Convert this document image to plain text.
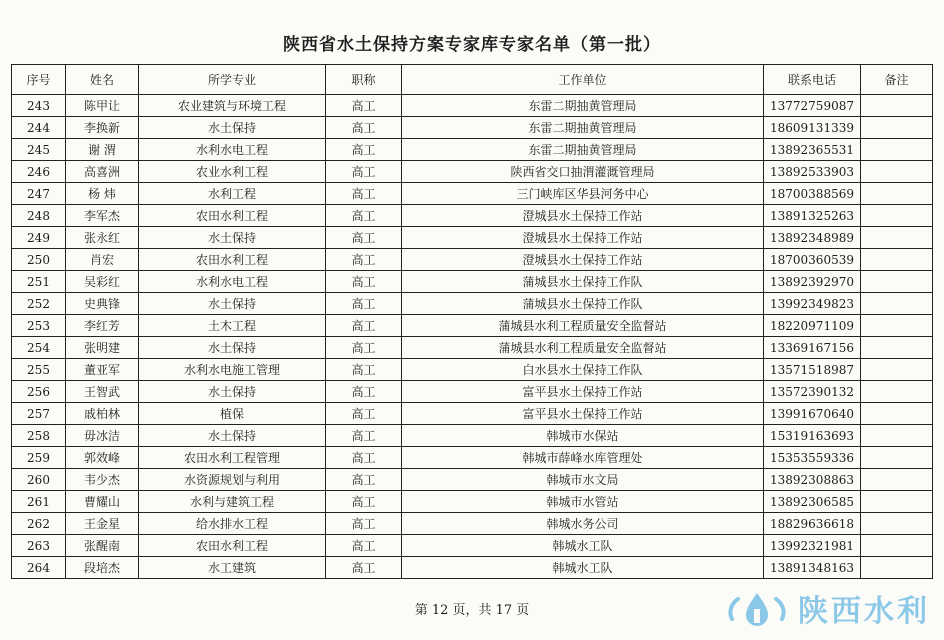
陕西省水土保持方案专家库专家名单（第一批）
序号	姓名	所学专业	职称	工作单位	联系电话	备注
243	陈甲让	农业建筑与环境工程	高工	东雷二期抽黄管理局	13772759087	
244	李换新	水土保持	高工	东雷二期抽黄管理局	18609131339	
245	谢 渭	水利水电工程	高工	东雷二期抽黄管理局	13892365531	
246	高喜洲	农业水利工程	高工	陕西省交口抽渭灌溉管理局	13892533903	
247	杨 炜	水利工程	高工	三门峡库区华县河务中心	18700388569	
248	李军杰	农田水利工程	高工	澄城县水土保持工作站	13891325263	
249	张永红	水土保持	高工	澄城县水土保持工作站	13892348989	
250	肖宏	农田水利工程	高工	澄城县水土保持工作站	18700360539	
251	吴彩红	水利水电工程	高工	蒲城县水土保持工作队	13892392970	
252	史典锋	水土保持	高工	蒲城县水土保持工作队	13992349823	
253	李红芳	土木工程	高工	蒲城县水利工程质量安全监督站	18220971109	
254	张明建	水土保持	高工	蒲城县水利工程质量安全监督站	13369167156	
255	董亚军	水利水电施工管理	高工	白水县水土保持工作队	13571518987	
256	王智武	水土保持	高工	富平县水土保持工作站	13572390132	
257	戚柏林	植保	高工	富平县水土保持工作站	13991670640	
258	毋冰洁	水土保持	高工	韩城市水保站	15319163693	
259	郭效峰	农田水利工程管理	高工	韩城市薛峰水库管理处	15353559336	
260	韦少杰	水资源规划与利用	高工	韩城市水文局	13892308863	
261	曹耀山	水利与建筑工程	高工	韩城市水管站	13892306585	
262	王金星	给水排水工程	高工	韩城水务公司	18829636618	
263	张醒南	农田水利工程	高工	韩城水工队	13992321981	
264	段培杰	水工建筑	高工	韩城水工队	13891348163	
第 12 页，共 17 页	陕西水利
